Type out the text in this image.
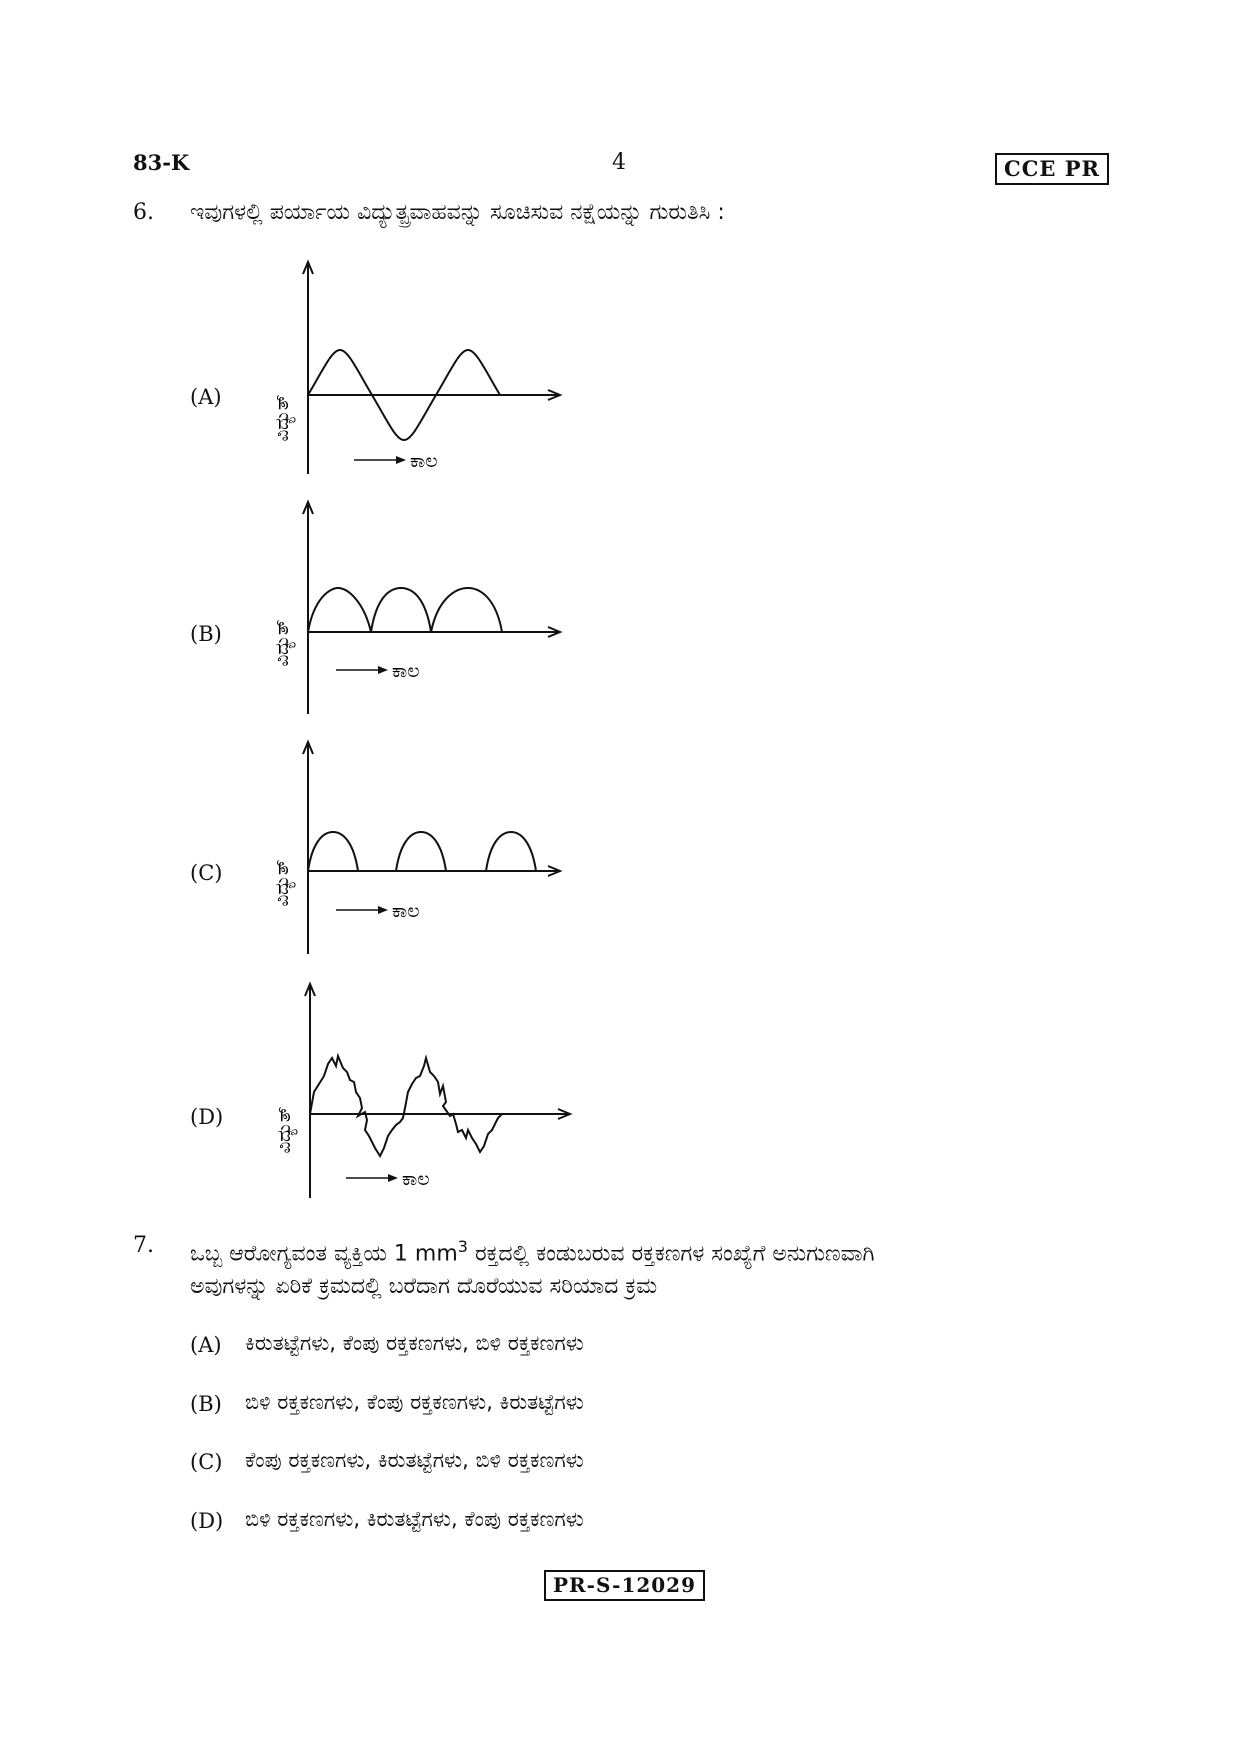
83-K	4	CCE PR
6. ಇವುಗಳಲ್ಲಿ ಪರ್ಯಾಯ ವಿದ್ಯುತ್ಪ್ರವಾಹವನ್ನು ಸೂಚಿಸುವ ನಕ್ಷೆಯನ್ನು ಗುರುತಿಸಿ :
(A)
ಕಾಲ
ವಿದ್ಯುತ್
(B)
ಕಾಲ
ವಿದ್ಯುತ್
(C)
ಕಾಲ
ವಿದ್ಯುತ್
(D)
ಕಾಲ
ವಿದ್ಯುತ್
7. ಒಬ್ಬ ಆರೋಗ್ಯವಂತ ವ್ಯಕ್ತಿಯ 1 $mm^3$ ರಕ್ತದಲ್ಲಿ ಕಂಡುಬರುವ ರಕ್ತಕಣಗಳ ಸಂಖ್ಯೆಗೆ ಅನುಗುಣವಾಗಿ
ಅವುಗಳನ್ನು ಏರಿಕೆ ಕ್ರಮದಲ್ಲಿ ಬರೆದಾಗ ದೊರೆಯುವ ಸರಿಯಾದ ಕ್ರಮ
(A) ಕಿರುತಟ್ಟೆಗಳು, ಕೆಂಪು ರಕ್ತಕಣಗಳು, ಬಿಳಿ ರಕ್ತಕಣಗಳು
(B) ಬಿಳಿ ರಕ್ತಕಣಗಳು, ಕೆಂಪು ರಕ್ತಕಣಗಳು, ಕಿರುತಟ್ಟೆಗಳು
(C) ಕೆಂಪು ರಕ್ತಕಣಗಳು, ಕಿರುತಟ್ಟೆಗಳು, ಬಿಳಿ ರಕ್ತಕಣಗಳು
(D) ಬಿಳಿ ರಕ್ತಕಣಗಳು, ಕಿರುತಟ್ಟೆಗಳು, ಕೆಂಪು ರಕ್ತಕಣಗಳು
PR-S-12029
